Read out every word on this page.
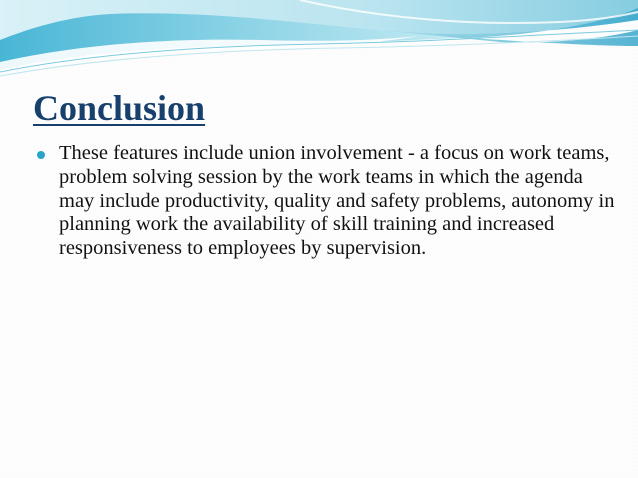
Conclusion

These features include union involvement - a focus on work teams, problem solving session by the work teams in which the agenda may include productivity, quality and safety problems, autonomy in planning work the availability of skill training and increased responsiveness to employees by supervision.
